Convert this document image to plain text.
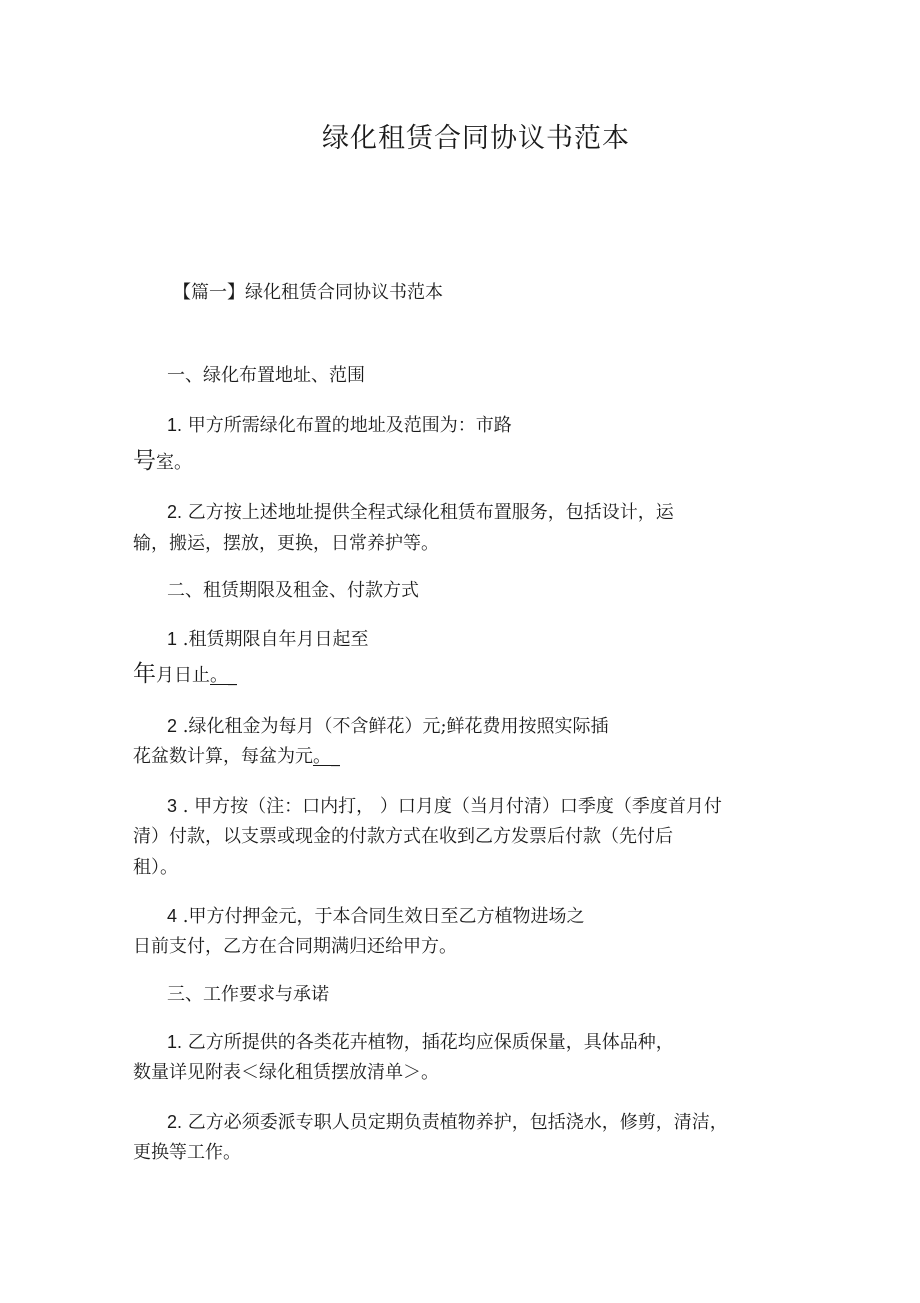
绿化租赁合同协议书范本

【篇一】绿化租赁合同协议书范本

一、绿化布置地址、范围

1. 甲方所需绿化布置的地址及范围为：市路

号室。

2. 乙方按上述地址提供全程式绿化租赁布置服务，包括设计，运

输，搬运，摆放，更换，日常养护等。

二、租赁期限及租金、付款方式

1 .租赁期限自年月日起至

年月日止。_

2 .绿化租金为每月（不含鲜花）元;鲜花费用按照实际插

花盆数计算，每盆为元。_

3 . 甲方按（注：口内打， ）口月度（当月付清）口季度（季度首月付

清）付款，以支票或现金的付款方式在收到乙方发票后付款（先付后

租）。

4 .甲方付押金元，于本合同生效日至乙方植物进场之

日前支付，乙方在合同期满归还给甲方。

三、工作要求与承诺

1. 乙方所提供的各类花卉植物，插花均应保质保量，具体品种，

数量详见附表＜绿化租赁摆放清单＞。

2. 乙方必须委派专职人员定期负责植物养护，包括浇水，修剪，清洁，

更换等工作。
